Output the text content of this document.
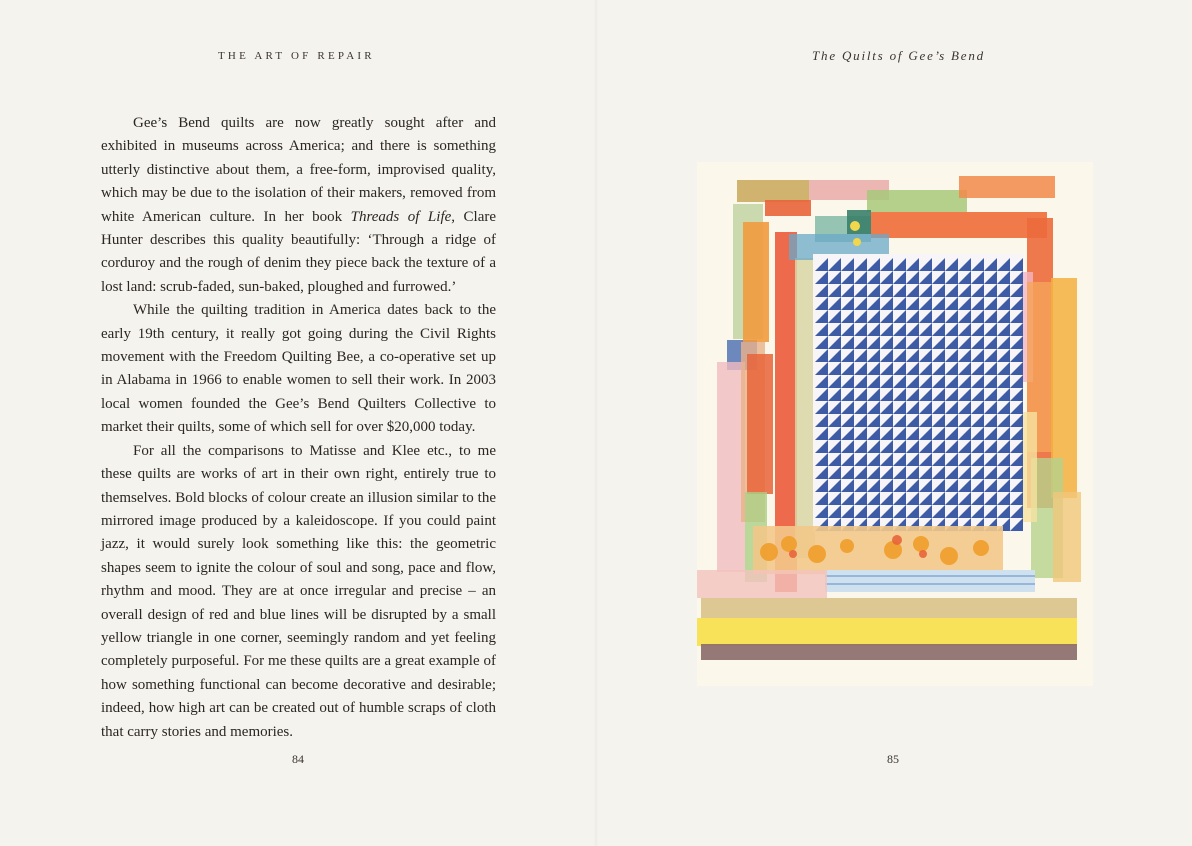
THE ART OF REPAIR

Gee’s Bend quilts are now greatly sought after and exhibited in museums across America; and there is something utterly distinctive about them, a free-form, improvised quality, which may be due to the isolation of their makers, removed from white American culture. In her book Threads of Life, Clare Hunter describes this quality beautifully: ‘Through a ridge of corduroy and the rough of denim they piece back the texture of a lost land: scrub-faded, sun-baked, ploughed and furrowed.’

While the quilting tradition in America dates back to the early 19th century, it really got going during the Civil Rights movement with the Freedom Quilting Bee, a co-operative set up in Alabama in 1966 to enable women to sell their work. In 2003 local women founded the Gee’s Bend Quilters Collective to market their quilts, some of which sell for over $20,000 today.

For all the comparisons to Matisse and Klee etc., to me these quilts are works of art in their own right, entirely true to themselves. Bold blocks of colour create an illusion similar to the mirrored image produced by a kaleidoscope. If you could paint jazz, it would surely look something like this: the geometric shapes seem to ignite the colour of soul and song, pace and flow, rhythm and mood. They are at once irregular and precise – an overall design of red and blue lines will be disrupted by a small yellow triangle in one corner, seemingly random and yet feeling completely purposeful. For me these quilts are a great example of how something functional can become decorative and desirable; indeed, how high art can be created out of humble scraps of cloth that carry stories and memories.

84
The Quilts of Gee’s Bend
85
